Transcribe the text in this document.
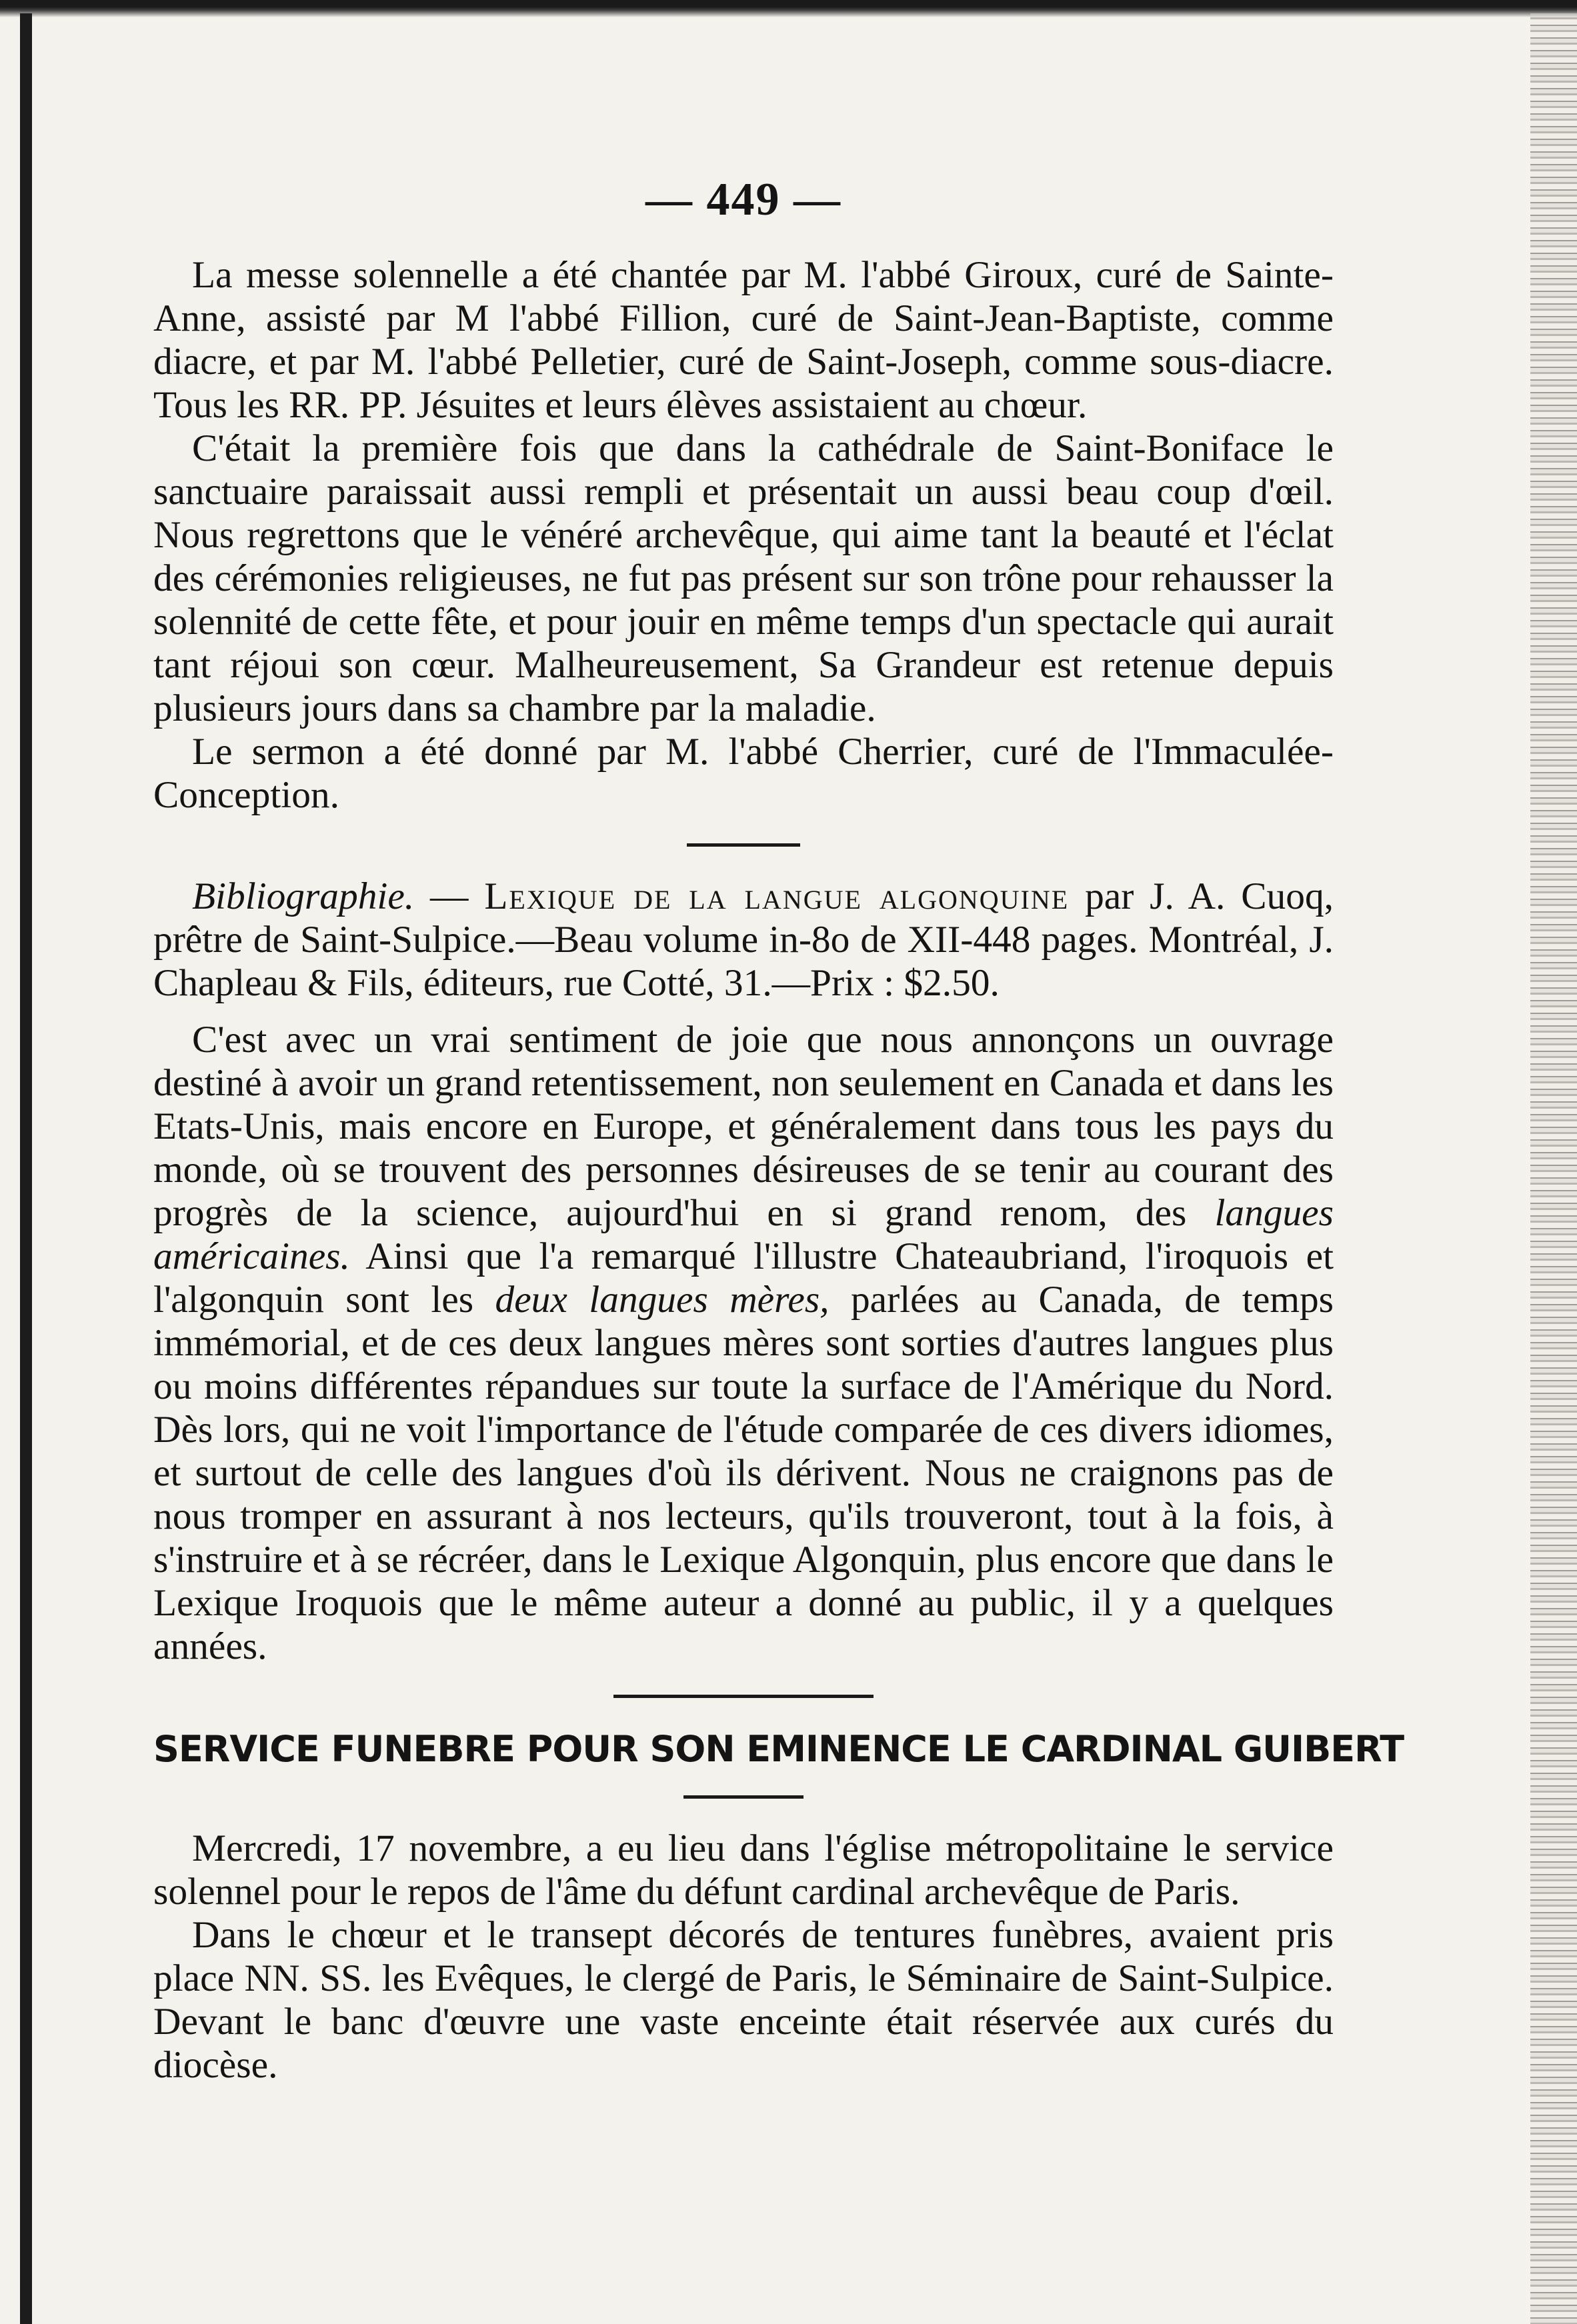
— 449 —

La messe solennelle a été chantée par M. l'abbé Giroux, curé de Sainte-Anne, assisté par M l'abbé Fillion, curé de Saint-Jean-Baptiste, comme diacre, et par M. l'abbé Pelletier, curé de Saint-Joseph, comme sous-diacre. Tous les RR. PP. Jésuites et leurs élèves assistaient au chœur.

C'était la première fois que dans la cathédrale de Saint-Boniface le sanctuaire paraissait aussi rempli et présentait un aussi beau coup d'œil. Nous regrettons que le vénéré archevêque, qui aime tant la beauté et l'éclat des cérémonies religieuses, ne fut pas présent sur son trône pour rehausser la solennité de cette fête, et pour jouir en même temps d'un spectacle qui aurait tant réjoui son cœur. Malheureusement, Sa Grandeur est retenue depuis plusieurs jours dans sa chambre par la maladie.

Le sermon a été donné par M. l'abbé Cherrier, curé de l'Immaculée-Conception.

Bibliographie. — Lexique de la langue algonquine par J. A. Cuoq, prêtre de Saint-Sulpice.—Beau volume in-8o de XII-448 pages. Montréal, J. Chapleau & Fils, éditeurs, rue Cotté, 31.—Prix : $2.50.

C'est avec un vrai sentiment de joie que nous annonçons un ouvrage destiné à avoir un grand retentissement, non seulement en Canada et dans les Etats-Unis, mais encore en Europe, et généralement dans tous les pays du monde, où se trouvent des personnes désireuses de se tenir au courant des progrès de la science, aujourd'hui en si grand renom, des langues américaines. Ainsi que l'a remarqué l'illustre Chateaubriand, l'iroquois et l'algonquin sont les deux langues mères, parlées au Canada, de temps immémorial, et de ces deux langues mères sont sorties d'autres langues plus ou moins différentes répandues sur toute la surface de l'Amérique du Nord. Dès lors, qui ne voit l'importance de l'étude comparée de ces divers idiomes, et surtout de celle des langues d'où ils dérivent. Nous ne craignons pas de nous tromper en assurant à nos lecteurs, qu'ils trouveront, tout à la fois, à s'instruire et à se récréer, dans le Lexique Algonquin, plus encore que dans le Lexique Iroquois que le même auteur a donné au public, il y a quelques années.

SERVICE FUNEBRE POUR SON EMINENCE LE CARDINAL GUIBERT

Mercredi, 17 novembre, a eu lieu dans l'église métropolitaine le service solennel pour le repos de l'âme du défunt cardinal archevêque de Paris.

Dans le chœur et le transept décorés de tentures funèbres, avaient pris place NN. SS. les Evêques, le clergé de Paris, le Séminaire de Saint-Sulpice. Devant le banc d'œuvre une vaste enceinte était réservée aux curés du diocèse.
